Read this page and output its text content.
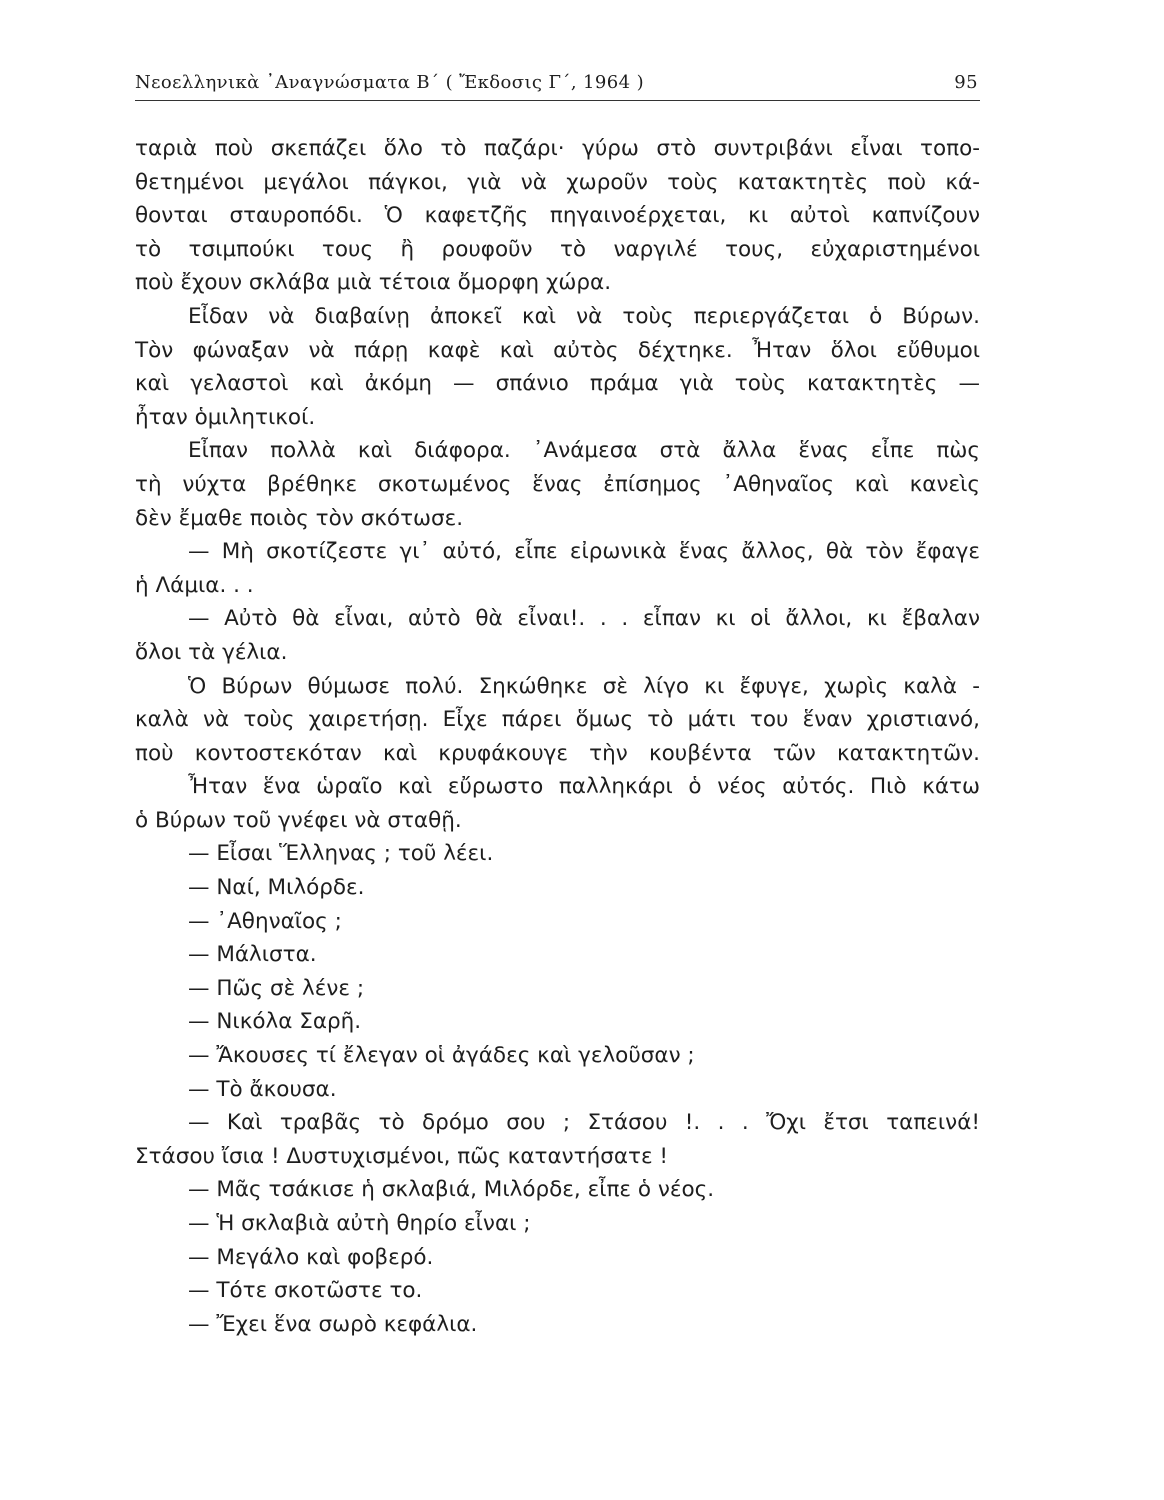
Νεοελληνικὰ ᾿Αναγνώσματα Β΄ ( Ἔκδοσις Γ΄, 1964 )	95
ταριὰ ποὺ σκεπάζει ὅλο τὸ παζάρι· γύρω στὸ συντριβάνι εἶναι τοπο-
θετημένοι μεγάλοι πάγκοι, γιὰ νὰ χωροῦν τοὺς κατακτητὲς ποὺ κά-
θονται σταυροπόδι. Ὁ καφετζῆς πηγαινοέρχεται, κι αὐτοὶ καπνίζουν
τὸ τσιμπούκι τους ἢ ρουφοῦν τὸ ναργιλέ τους, εὐχαριστημένοι
ποὺ ἔχουν σκλάβα μιὰ τέτοια ὄμορφη χώρα.
Εἶδαν νὰ διαβαίνῃ ἀποκεῖ καὶ νὰ τοὺς περιεργάζεται ὁ Βύρων.
Τὸν φώναξαν νὰ πάρῃ καφὲ καὶ αὐτὸς δέχτηκε. Ἦταν ὅλοι εὔθυμοι
καὶ γελαστοὶ καὶ ἀκόμη — σπάνιο πράμα γιὰ τοὺς κατακτητὲς —
ἦταν ὁμιλητικοί.
Εἶπαν πολλὰ καὶ διάφορα. ᾿Ανάμεσα στὰ ἄλλα ἕνας εἶπε πὼς
τὴ νύχτα βρέθηκε σκοτωμένος ἕνας ἐπίσημος ᾿Αθηναῖος καὶ κανεὶς
δὲν ἔμαθε ποιὸς τὸν σκότωσε.
— Μὴ σκοτίζεστε γι᾿ αὐτό, εἶπε εἰρωνικὰ ἕνας ἄλλος, θὰ τὸν ἔφαγε
ἡ Λάμια. . .
— Αὐτὸ θὰ εἶναι, αὐτὸ θὰ εἶναι!. . . εἶπαν κι οἱ ἄλλοι, κι ἔβαλαν
ὅλοι τὰ γέλια.
Ὁ Βύρων θύμωσε πολύ. Σηκώθηκε σὲ λίγο κι ἔφυγε, χωρὶς καλὰ -
καλὰ νὰ τοὺς χαιρετήσῃ. Εἶχε πάρει ὅμως τὸ μάτι του ἕναν χριστιανό,
ποὺ κοντοστεκόταν καὶ κρυφάκουγε τὴν κουβέντα τῶν κατακτητῶν.
Ἦταν ἕνα ὡραῖο καὶ εὔρωστο παλληκάρι ὁ νέος αὐτός. Πιὸ κάτω
ὁ Βύρων τοῦ γνέφει νὰ σταθῇ.
— Εἶσαι Ἕλληνας ; τοῦ λέει.
— Ναί, Μιλόρδε.
— ᾿Αθηναῖος ;
— Μάλιστα.
— Πῶς σὲ λένε ;
— Νικόλα Σαρῆ.
— Ἄκουσες τί ἔλεγαν οἱ ἀγάδες καὶ γελοῦσαν ;
— Τὸ ἄκουσα.
— Καὶ τραβᾶς τὸ δρόμο σου ; Στάσου !. . . Ὄχι ἔτσι ταπεινά!
Στάσου ἴσια ! Δυστυχισμένοι, πῶς καταντήσατε !
— Μᾶς τσάκισε ἡ σκλαβιά, Μιλόρδε, εἶπε ὁ νέος.
— Ἡ σκλαβιὰ αὐτὴ θηρίο εἶναι ;
— Μεγάλο καὶ φοβερό.
— Τότε σκοτῶστε το.
— Ἔχει ἕνα σωρὸ κεφάλια.
